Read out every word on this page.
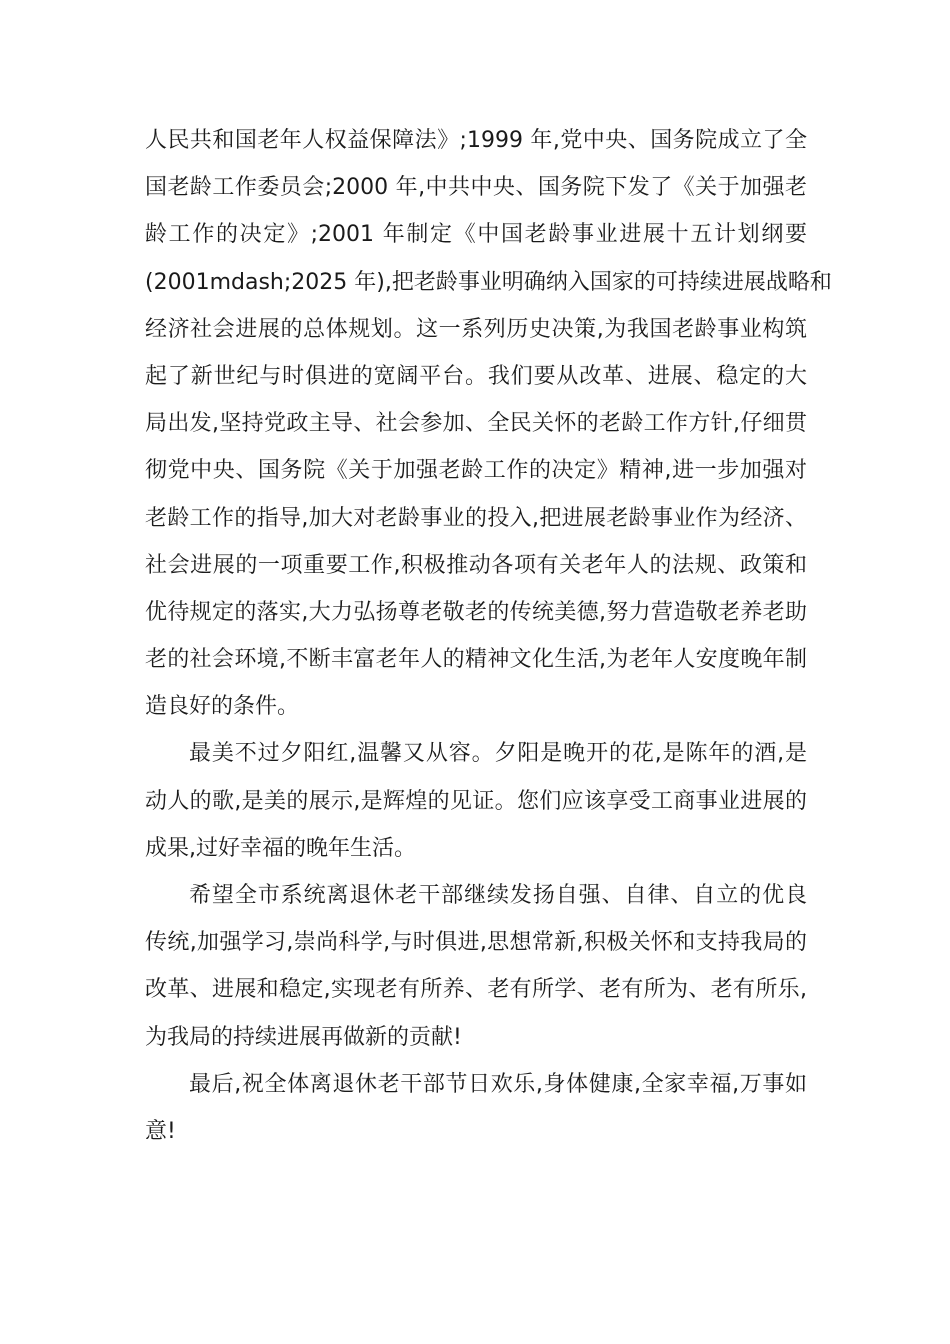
人民共和国老年人权益保障法》;1999 年,党中央、国务院成立了全
国老龄工作委员会;2000 年,中共中央、国务院下发了《关于加强老
龄工作的决定》;2001 年制定《中国老龄事业进展十五计划纲要
(2001mdash;2025 年),把老龄事业明确纳入国家的可持续进展战略和
经济社会进展的总体规划。这一系列历史决策,为我国老龄事业构筑
起了新世纪与时俱进的宽阔平台。我们要从改革、进展、稳定的大
局出发,坚持党政主导、社会参加、全民关怀的老龄工作方针,仔细贯
彻党中央、国务院《关于加强老龄工作的决定》精神,进一步加强对
老龄工作的指导,加大对老龄事业的投入,把进展老龄事业作为经济、
社会进展的一项重要工作,积极推动各项有关老年人的法规、政策和
优待规定的落实,大力弘扬尊老敬老的传统美德,努力营造敬老养老助
老的社会环境,不断丰富老年人的精神文化生活,为老年人安度晚年制
造良好的条件。
最美不过夕阳红,温馨又从容。夕阳是晚开的花,是陈年的酒,是
动人的歌,是美的展示,是辉煌的见证。您们应该享受工商事业进展的
成果,过好幸福的晚年生活。
希望全市系统离退休老干部继续发扬自强、自律、自立的优良
传统,加强学习,崇尚科学,与时俱进,思想常新,积极关怀和支持我局的
改革、进展和稳定,实现老有所养、老有所学、老有所为、老有所乐,
为我局的持续进展再做新的贡献!
最后,祝全体离退休老干部节日欢乐,身体健康,全家幸福,万事如
意!
